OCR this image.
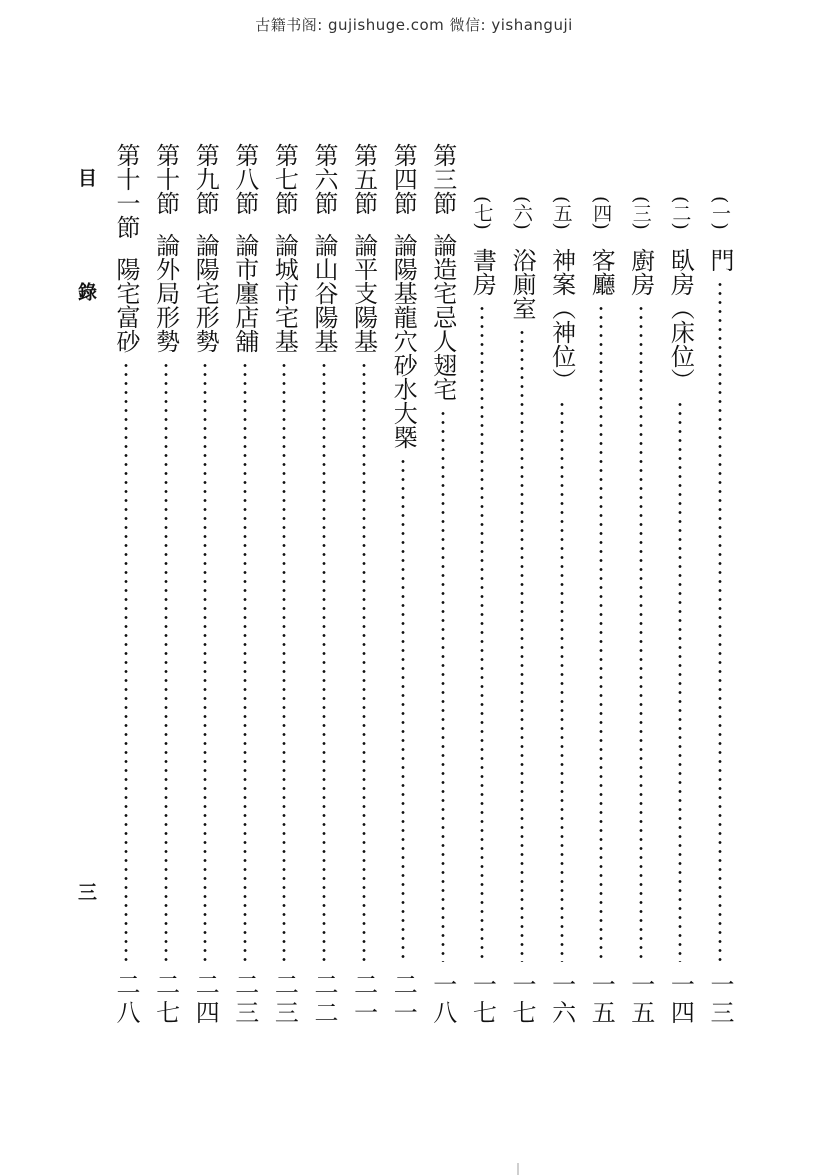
古籍书阁: gujishuge.com 微信: yishanguji
目 錄
三
(一)門
一三
(二)臥房（床位）
一四
(三)廚房
一五
(四)客廳
一五
(五)神案（神位）
一六
(六)浴廁室
一七
(七)書房
一七
第三節論造宅忌人翅宅
一八
第四節論陽基龍穴砂水大槩
二一
第五節論平支陽基
二一
第六節論山谷陽基
二二
第七節論城市宅基
二三
第八節論市廛店舖
二三
第九節論陽宅形勢
二四
第十節論外局形勢
二七
第十一節陽宅富砂
二八
